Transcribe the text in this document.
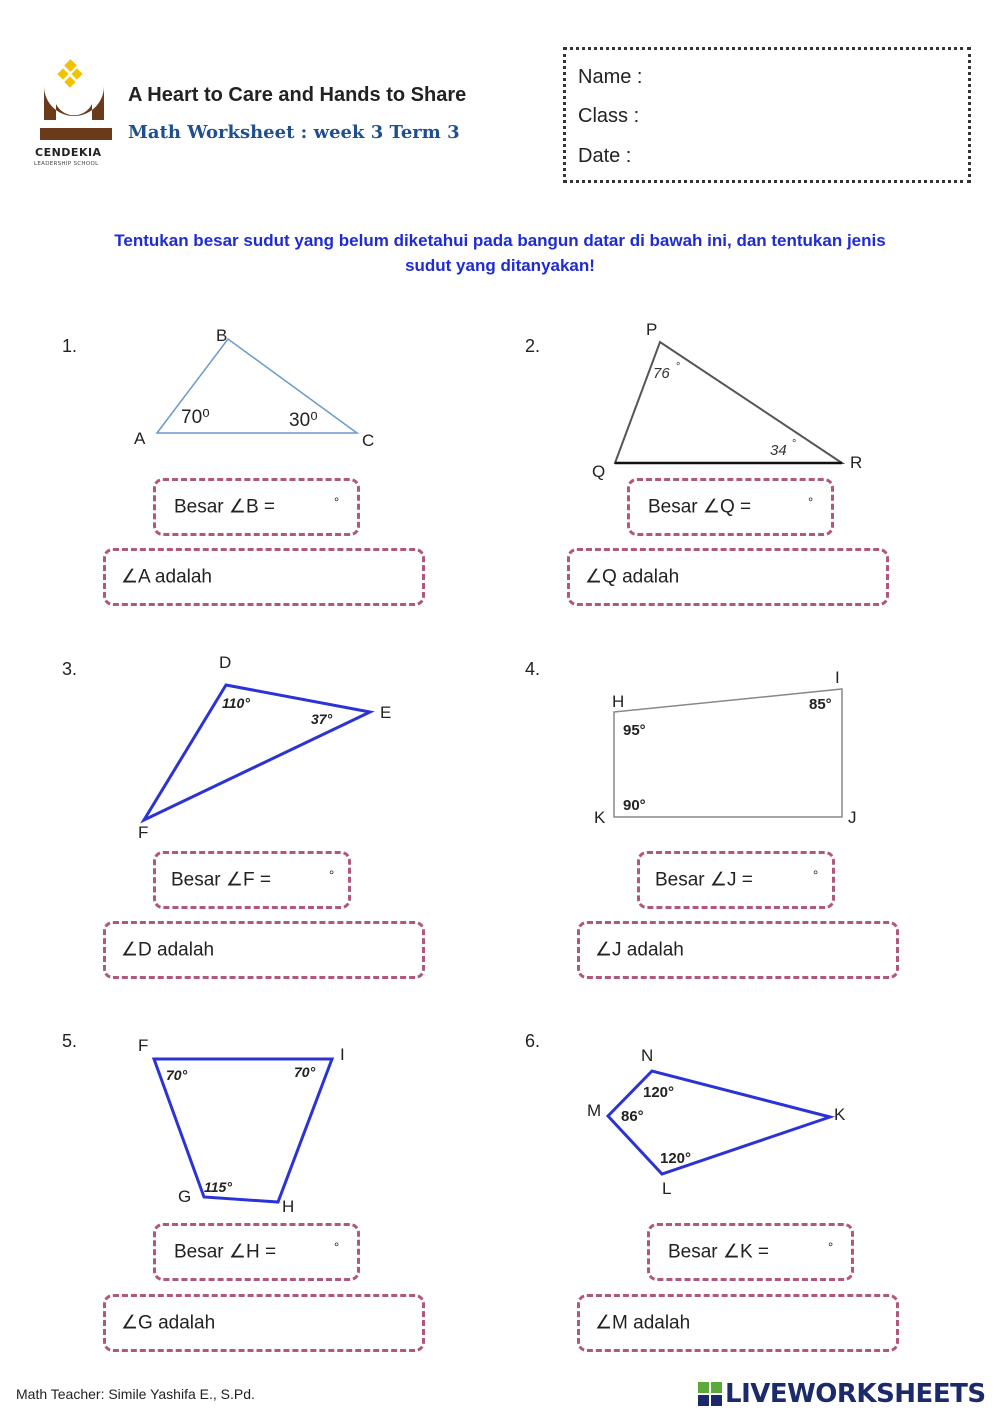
CENDEKIA
LEADERSHIP SCHOOL
A Heart to Care and Hands to Share
Math Worksheet : week 3 Term 3
Name :
Class :
Date :
Tentukan besar sudut yang belum diketahui pada bangun datar di bawah ini, dan tentukan jenis
sudut yang ditanyakan!
1.
B
A	C
70⁰	30⁰
Besar ∠B =	°
∠A adalah
2.
P
Q	R
76 °
34 °
Besar ∠Q =	°
∠Q adalah
3.	D
E
F
110°
37°
Besar ∠F =	°
∠D adalah
4.	I
H
K	J
85°
95°
90°
Besar ∠J =	°
∠J adalah
5.	F	I
G
H
70°	70°
115°
Besar ∠H =	°
∠G adalah
6.
N
M	K
L
120°
86°
120°
Besar ∠K =	°
∠M adalah
Math Teacher: Simile Yashifa E., S.Pd.	LIVEWORKSHEETS
